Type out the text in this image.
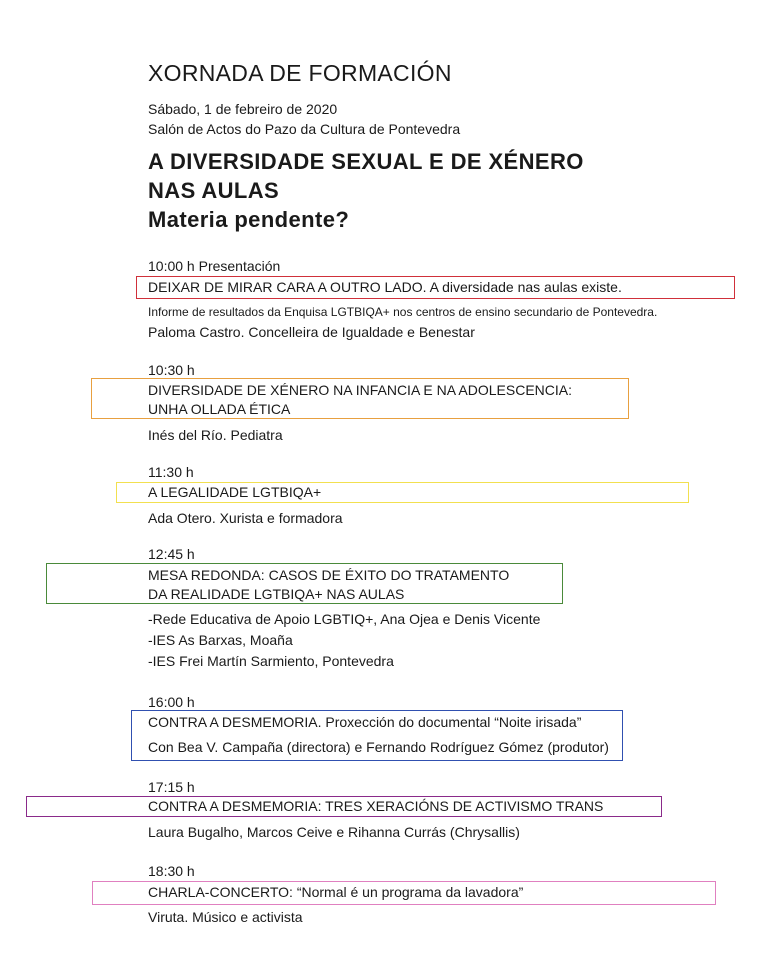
XORNADA DE FORMACIÓN
Sábado, 1 de febreiro de 2020
Salón de Actos do Pazo da Cultura de Pontevedra
A DIVERSIDADE SEXUAL E DE XÉNERO
NAS AULAS
Materia pendente?
10:00 h Presentación
DEIXAR DE MIRAR CARA A OUTRO LADO. A diversidade nas aulas existe.
Informe de resultados da Enquisa LGTBIQA+ nos centros de ensino secundario de Pontevedra.
Paloma Castro. Concelleira de Igualdade e Benestar
10:30 h
DIVERSIDADE DE XÉNERO NA INFANCIA E NA ADOLESCENCIA:
UNHA OLLADA ÉTICA
Inés del Río. Pediatra
11:30 h
A LEGALIDADE LGTBIQA+
Ada Otero. Xurista e formadora
12:45 h
MESA REDONDA: CASOS DE ÉXITO DO TRATAMENTO
DA REALIDADE LGTBIQA+ NAS AULAS
-Rede Educativa de Apoio LGBTIQ+, Ana Ojea e Denis Vicente
-IES As Barxas, Moaña
-IES Frei Martín Sarmiento, Pontevedra
16:00 h
CONTRA A DESMEMORIA. Proxección do documental “Noite irisada”
Con Bea V. Campaña (directora) e Fernando Rodríguez Gómez (produtor)
17:15 h
CONTRA A DESMEMORIA: TRES XERACIÓNS DE ACTIVISMO TRANS
Laura Bugalho, Marcos Ceive e Rihanna Currás (Chrysallis)
18:30 h
CHARLA-CONCERTO: “Normal é un programa da lavadora”
Viruta. Músico e activista
